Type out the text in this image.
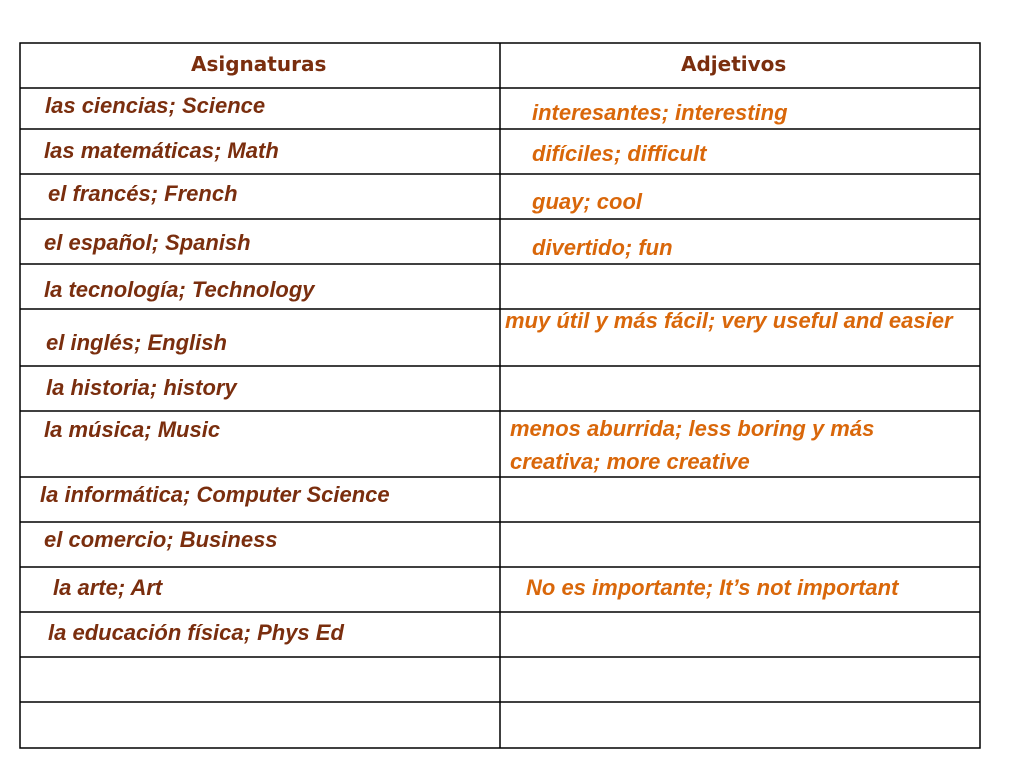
Asignaturas	Adjetivos
las ciencias; Science
las matemáticas; Math
el francés; French
el español; Spanish
la tecnología; Technology
el inglés; English
la historia; history
la música; Music
la informática; Computer Science
el comercio; Business
la arte; Art
la educación física; Phys Ed
interesantes; interesting
difíciles; difficult
guay; cool
divertido; fun
muy útil y más fácil; very useful and easier
menos aburrida; less boring y más creativa; more creative
No es importante; It’s not important
